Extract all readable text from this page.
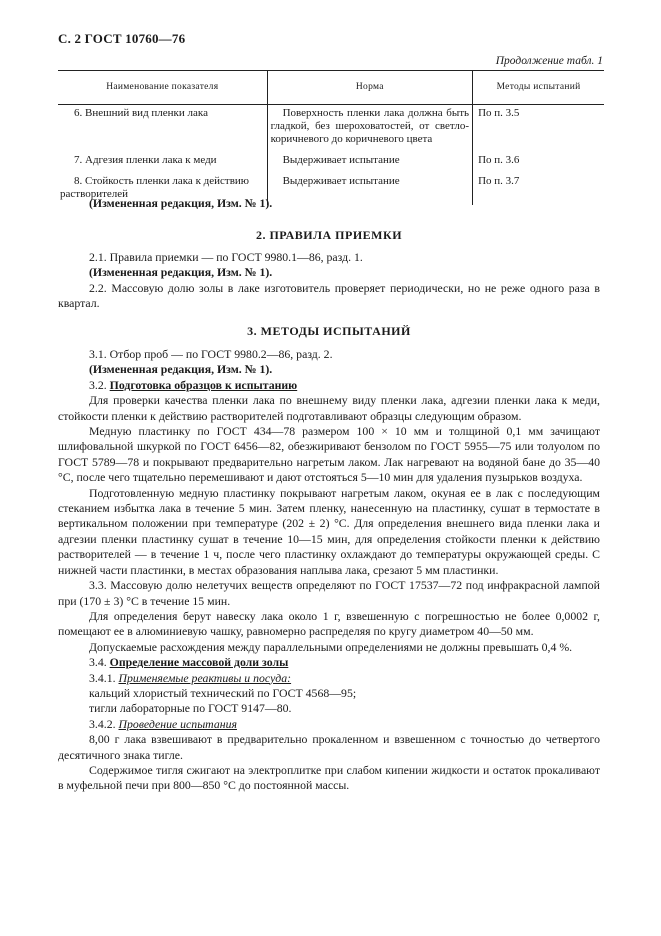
С. 2 ГОСТ 10760—76
Продолжение табл. 1
Наименование показателя	Норма	Методы испытаний
6. Внешний вид пленки лака	Поверхность пленки лака должна быть гладкой, без шероховатостей, от светло-коричневого до коричневого цвета	По п. 3.5
7. Адгезия пленки лака к меди	Выдерживает испытание	По п. 3.6
8. Стойкость пленки лака к действию растворителей	Выдерживает испытание	По п. 3.7

(Измененная редакция, Изм. № 1).

2. ПРАВИЛА ПРИЕМКИ

2.1. Правила приемки — по ГОСТ 9980.1—86, разд. 1.

(Измененная редакция, Изм. № 1).

2.2. Массовую долю золы в лаке изготовитель проверяет периодически, но не реже одного раза в квартал.

3. МЕТОДЫ ИСПЫТАНИЙ

3.1. Отбор проб — по ГОСТ 9980.2—86, разд. 2.

(Измененная редакция, Изм. № 1).

3.2. Подготовка образцов к испытанию

Для проверки качества пленки лака по внешнему виду пленки лака, адгезии пленки лака к меди, стойкости пленки к действию растворителей подготавливают образцы следующим образом.

Медную пластинку по ГОСТ 434—78 размером 100 × 10 мм и толщиной 0,1 мм зачищают шлифовальной шкуркой по ГОСТ 6456—82, обезжиривают бензолом по ГОСТ 5955—75 или толуолом по ГОСТ 5789—78 и покрывают предварительно нагретым лаком. Лак нагревают на водяной бане до 35—40 °С, после чего тщательно перемешивают и дают отстояться 5—10 мин для удаления пузырьков воздуха.

Подготовленную медную пластинку покрывают нагретым лаком, окуная ее в лак с последующим стеканием избытка лака в течение 5 мин. Затем пленку, нанесенную на пластинку, сушат в термостате в вертикальном положении при температуре (202 ± 2) °С. Для определения внешнего вида пленки лака и адгезии пленки пластинку сушат в течение 10—15 мин, для определения стойкости пленки к действию растворителей — в течение 1 ч, после чего пластинку охлаждают до температуры окружающей среды. С нижней части пластинки, в местах образования наплыва лака, срезают 5 мм пластинки.

3.3. Массовую долю нелетучих веществ определяют по ГОСТ 17537—72 под инфракрасной лампой при (170 ± 3) °С в течение 15 мин.

Для определения берут навеску лака около 1 г, взвешенную с погрешностью не более 0,0002 г, помещают ее в алюминиевую чашку, равномерно распределяя по кругу диаметром 40—50 мм.

Допускаемые расхождения между параллельными определениями не должны превышать 0,4 %.

3.4. Определение массовой доли золы

3.4.1. Применяемые реактивы и посуда:

кальций хлористый технический по ГОСТ 4568—95;

тигли лабораторные по ГОСТ 9147—80.

3.4.2. Проведение испытания

8,00 г лака взвешивают в предварительно прокаленном и взвешенном с точностью до четвертого десятичного знака тигле.

Содержимое тигля сжигают на электроплитке при слабом кипении жидкости и остаток прокаливают в муфельной печи при 800—850 °С до постоянной массы.
